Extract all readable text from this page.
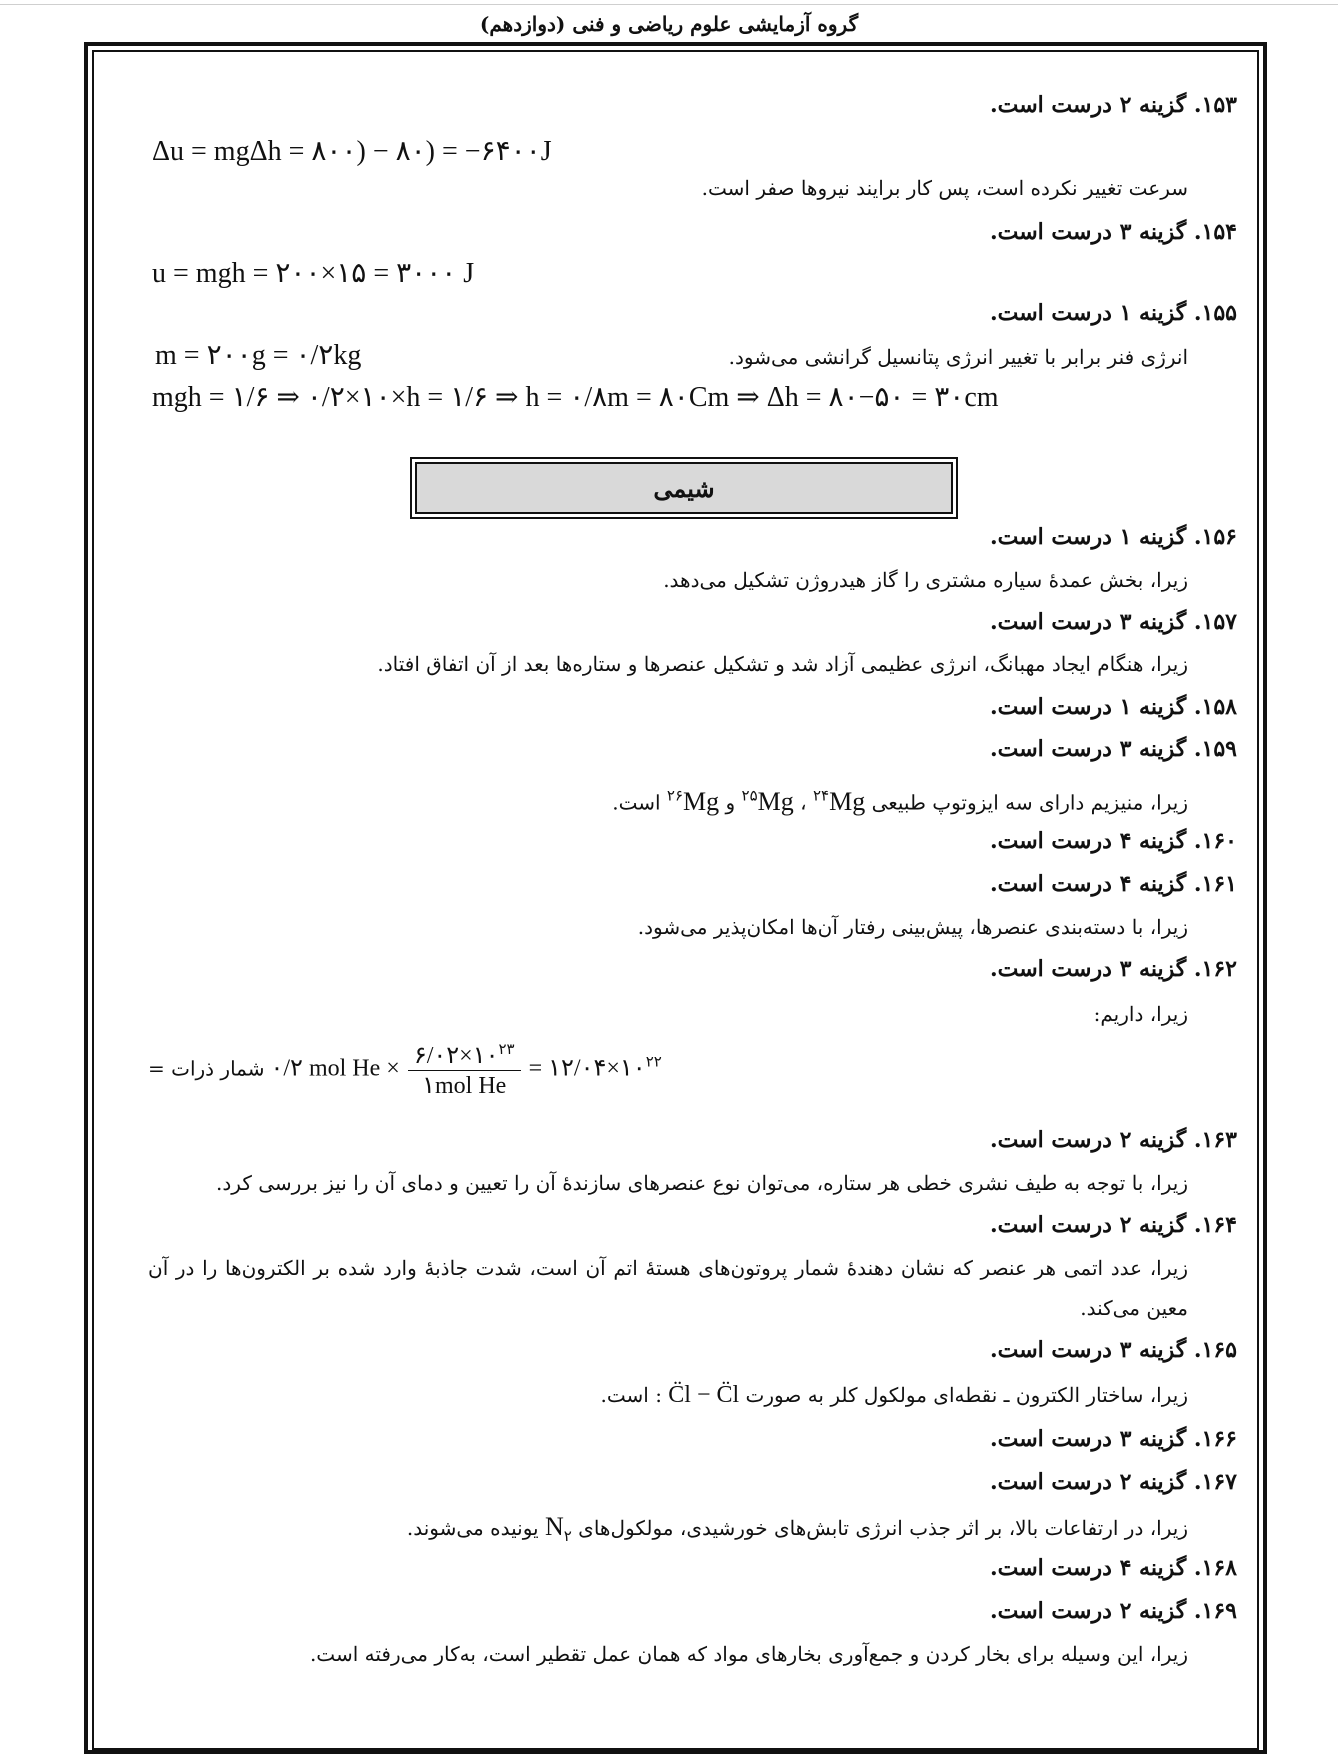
گروه آزمایشی علوم ریاضی و فنی (دوازدهم)
۱۵۳. گزینه ۲ درست است.
Δu = mgΔh = ۸۰۰) − ۸۰) = −۶۴۰۰J
سرعت تغییر نکرده است، پس کار برایند نیروها صفر است.
۱۵۴. گزینه ۳ درست است.
u = mgh = ۲۰۰×۱۵ = ۳۰۰۰ J
۱۵۵. گزینه ۱ درست است.
انرژی فنر برابر با تغییر انرژی پتانسیل گرانشی می‌شود.
m = ۲۰۰g = ۰/۲kg
mgh = ۱/۶ ⇒ ۰/۲×۱۰×h = ۱/۶ ⇒ h = ۰/۸m = ۸۰Cm ⇒ Δh = ۸۰−۵۰ = ۳۰cm
شیمی
۱۵۶. گزینه ۱ درست است.
زیرا، بخش عمدهٔ سیاره مشتری را گاز هیدروژن تشکیل می‌دهد.
۱۵۷. گزینه ۳ درست است.
زیرا، هنگام ایجاد مهبانگ، انرژی عظیمی آزاد شد و تشکیل عنصرها و ستاره‌ها بعد از آن اتفاق افتاد.
۱۵۸. گزینه ۱ درست است.
۱۵۹. گزینه ۳ درست است.
زیرا، منیزیم دارای سه ایزوتوپ طبیعی $^{۲۴}$Mg ، $^{۲۵}$Mg و $^{۲۶}$Mg است.
۱۶۰. گزینه ۴ درست است.
۱۶۱. گزینه ۴ درست است.
زیرا، با دسته‌بندی عنصرها، پیش‌بینی رفتار آن‌ها امکان‌پذیر می‌شود.
۱۶۲. گزینه ۳ درست است.
زیرا، داریم:
شمار ذرات = ۰/۲ mol $He \times \frac{۶/۰۲\times ۱۰^{۲۳}}{\text{۱mol He}}$ = $۱۲/۰۴\times ۱۰^{۲۲}$
۱۶۳. گزینه ۲ درست است.
زیرا، با توجه به طیف نشری خطی هر ستاره، می‌توان نوع عنصرهای سازندهٔ آن را تعیین و دمای آن را نیز بررسی کرد.
۱۶۴. گزینه ۲ درست است.
زیرا، عدد اتمی هر عنصر که نشان دهندهٔ شمار پروتون‌های هستهٔ اتم آن است، شدت جاذبهٔ وارد شده بر الکترون‌ها را در آن معین می‌کند.
۱۶۵. گزینه ۳ درست است.
زیرا، ساختار الکترون ـ نقطه‌ای مولکول کلر به صورت C̈l − C̈l : است.
۱۶۶. گزینه ۳ درست است.
۱۶۷. گزینه ۲ درست است.
زیرا، در ارتفاعات بالا، بر اثر جذب انرژی تابش‌های خورشیدی، مولکول‌های $N_۲$ یونیده می‌شوند.
۱۶۸. گزینه ۴ درست است.
۱۶۹. گزینه ۲ درست است.
زیرا، این وسیله برای بخار کردن و جمع‌آوری بخارهای مواد که همان عمل تقطیر است، به‌کار می‌رفته است.
